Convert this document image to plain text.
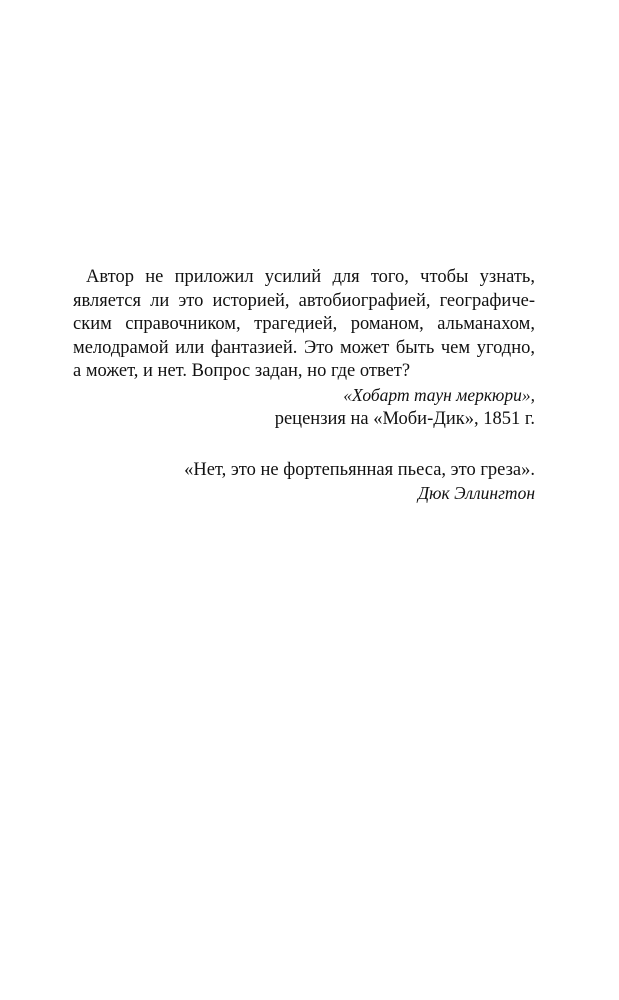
Автор не приложил усилий для того, чтобы узнать,
является ли это историей, автобиографией, географиче-
ским справочником, трагедией, романом, альманахом,
мелодрамой или фантазией. Это может быть чем угодно,
а может, и нет. Вопрос задан, но где ответ?
«Хобарт таун меркюри»,
рецензия на «Моби-Дик», 1851 г.
«Нет, это не фортепьянная пьеса, это греза».
Дюк Эллингтон
